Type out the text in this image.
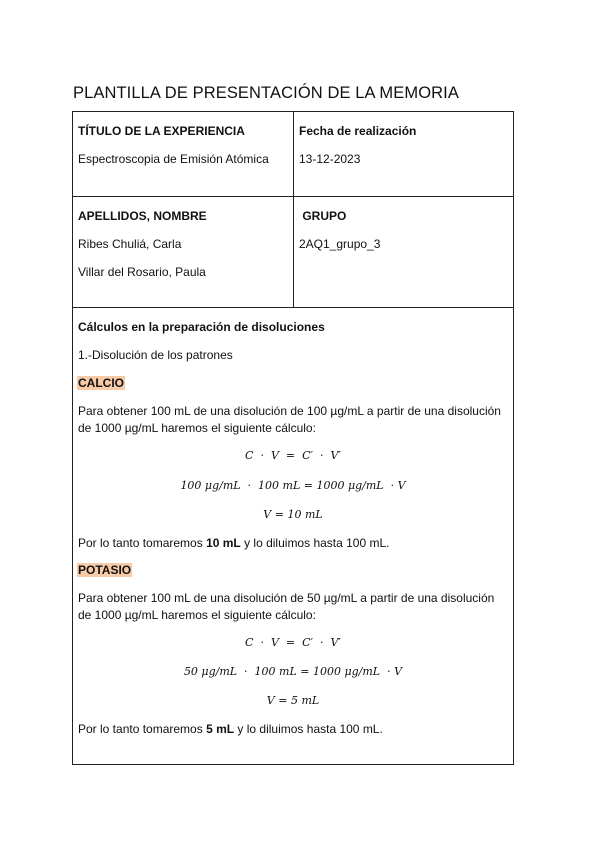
PLANTILLA DE PRESENTACIÓN DE LA MEMORIA
TÍTULO DE LA EXPERIENCIA
Espectroscopia de Emisión Atómica
Fecha de realización
13-12-2023
APELLIDOS, NOMBRE
Ribes Chuliá, Carla
Villar del Rosario, Paula
GRUPO
2AQ1_grupo_3
Cálculos en la preparación de disoluciones
1.-Disolución de los patrones
CALCIO
Para obtener 100 mL de una disolución de 100 µg/mL a partir de una disolución de 1000 µg/mL haremos el siguiente cálculo:
C  ·  V  =  C′  ·  V′
100 μg/mL  ·  100 mL = 1000 μg/mL  · V
V = 10 mL
Por lo tanto tomaremos 10 mL y lo diluimos hasta 100 mL.
POTASIO
Para obtener 100 mL de una disolución de 50 µg/mL a partir de una disolución de 1000 µg/mL haremos el siguiente cálculo:
C  ·  V  =  C′  ·  V′
50 μg/mL  ·  100 mL = 1000 μg/mL  · V
V = 5 mL
Por lo tanto tomaremos 5 mL y lo diluimos hasta 100 mL.
